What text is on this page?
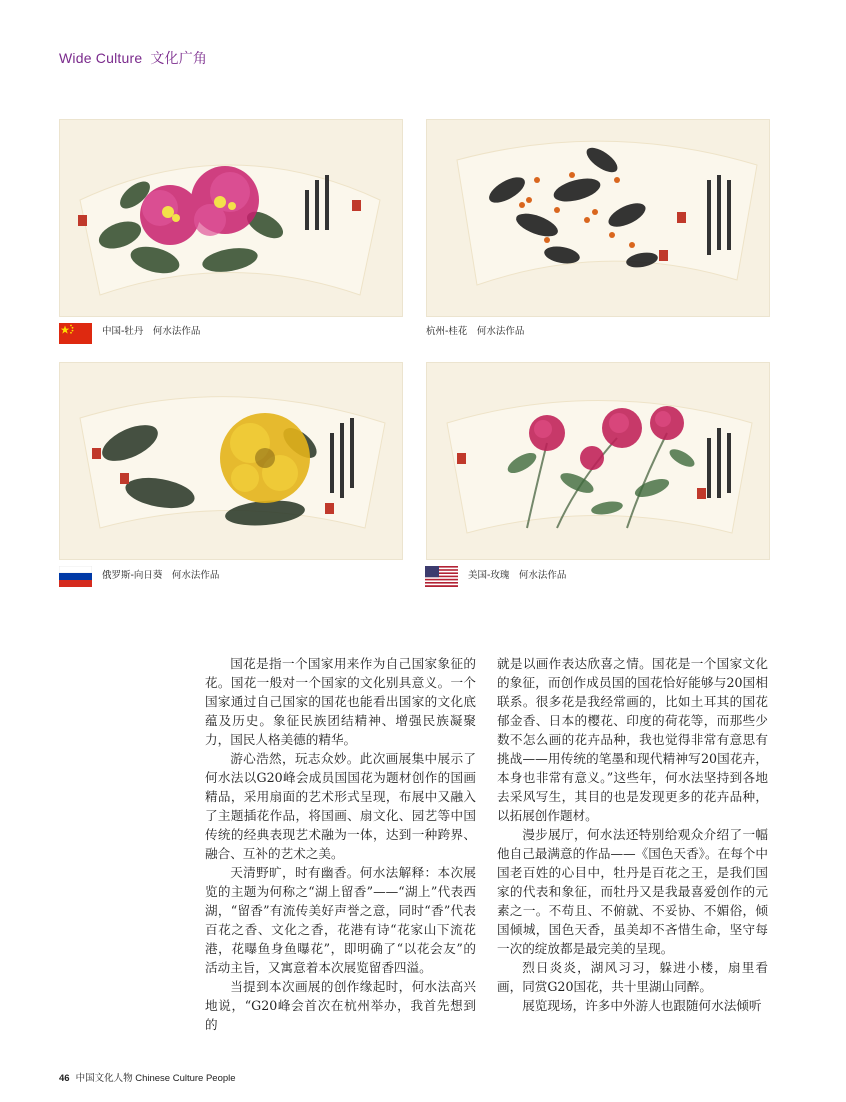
Wide Culture 文化广角
中国-牡丹　何水法作品	杭州-桂花　何水法作品
俄罗斯-向日葵　何水法作品	美国-玫瑰　何水法作品

国花是指一个国家用来作为自己国家象征的花。国花一般对一个国家的文化别具意义。一个国家通过自己国家的国花也能看出国家的文化底蕴及历史。象征民族团结精神、增强民族凝聚力，国民人格美德的精华。

游心浩然，玩志众妙。此次画展集中展示了何水法以G20峰会成员国国花为题材创作的国画精品，采用扇面的艺术形式呈现，布展中又融入了主题插花作品，将国画、扇文化、园艺等中国传统的经典表现艺术融为一体，达到一种跨界、融合、互补的艺术之美。

天清野旷，时有幽香。何水法解释：本次展览的主题为何称之“湖上留香”——“湖上”代表西湖，“留香”有流传美好声誉之意，同时“香”代表百花之香、文化之香，花港有诗“花家山下流花港，花曝鱼身鱼曝花”，即明确了“以花会友”的活动主旨，又寓意着本次展览留香四溢。

当提到本次画展的创作缘起时，何水法高兴地说，“G20峰会首次在杭州举办，我首先想到的

就是以画作表达欣喜之情。国花是一个国家文化的象征，而创作成员国的国花恰好能够与20国相联系。很多花是我经常画的，比如土耳其的国花郁金香、日本的樱花、印度的荷花等，而那些少数不怎么画的花卉品种，我也觉得非常有意思有挑战——用传统的笔墨和现代精神写20国花卉，本身也非常有意义。”这些年，何水法坚持到各地去采风写生，其目的也是发现更多的花卉品种，以拓展创作题材。

漫步展厅，何水法还特别给观众介绍了一幅他自己最满意的作品——《国色天香》。在每个中国老百姓的心目中，牡丹是百花之王，是我们国家的代表和象征，而牡丹又是我最喜爱创作的元素之一。不苟且、不俯就、不妥协、不媚俗，倾国倾城，国色天香，虽美却不吝惜生命，坚守每一次的绽放都是最完美的呈现。

烈日炎炎，湖风习习，躲进小楼，扇里看画，同赏G20国花，共十里湖山同醉。

展览现场，许多中外游人也跟随何水法倾听

46 中国文化人物 Chinese Culture People
